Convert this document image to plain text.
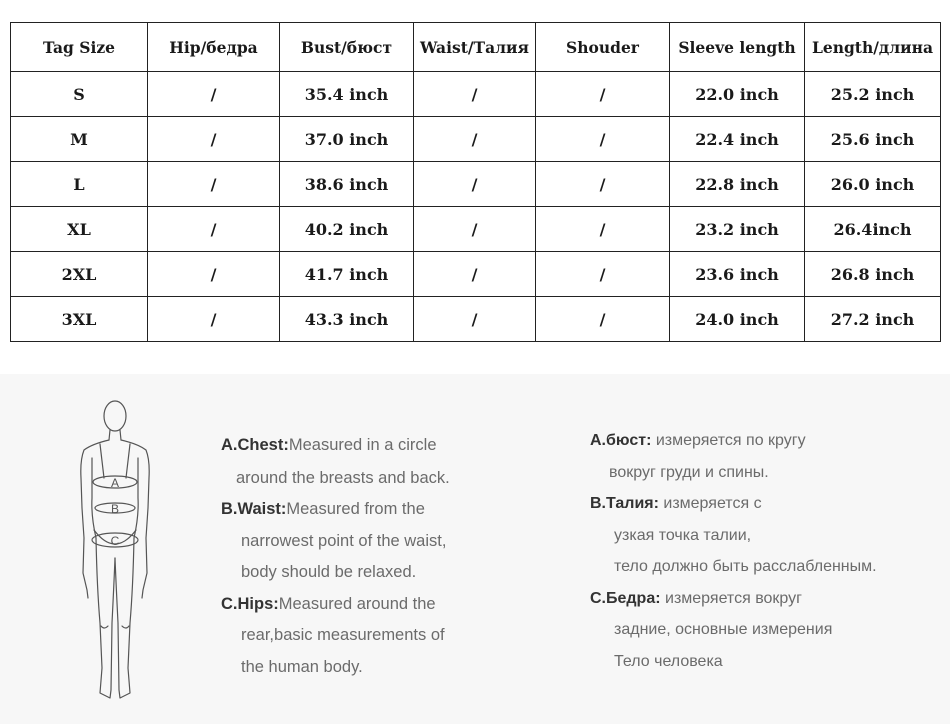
Tag Size	Hip/бедра	Bust/бюст	Waist/Талия	Shouder	Sleeve length	Length/длина
S	/	35.4 inch	/	/	22.0 inch	25.2 inch
M	/	37.0 inch	/	/	22.4 inch	25.6 inch
L	/	38.6 inch	/	/	22.8 inch	26.0 inch
XL	/	40.2 inch	/	/	23.2 inch	26.4inch
2XL	/	41.7 inch	/	/	23.6 inch	26.8 inch
3XL	/	43.3 inch	/	/	24.0 inch	27.2 inch
A
B
C
A.Chest:Measured in a circle
around the breasts and back.
B.Waist:Measured from the
narrowest point of the waist,
body should be relaxed.
C.Hips:Measured around the
rear,basic measurements of
the human body.
A.бюст: измеряется по кругу
вокруг груди и спины.
B.Талия: измеряется с
узкая точка талии,
тело должно быть расслабленным.
C.Бедра: измеряется вокруг
задние, основные измерения
Тело человека
